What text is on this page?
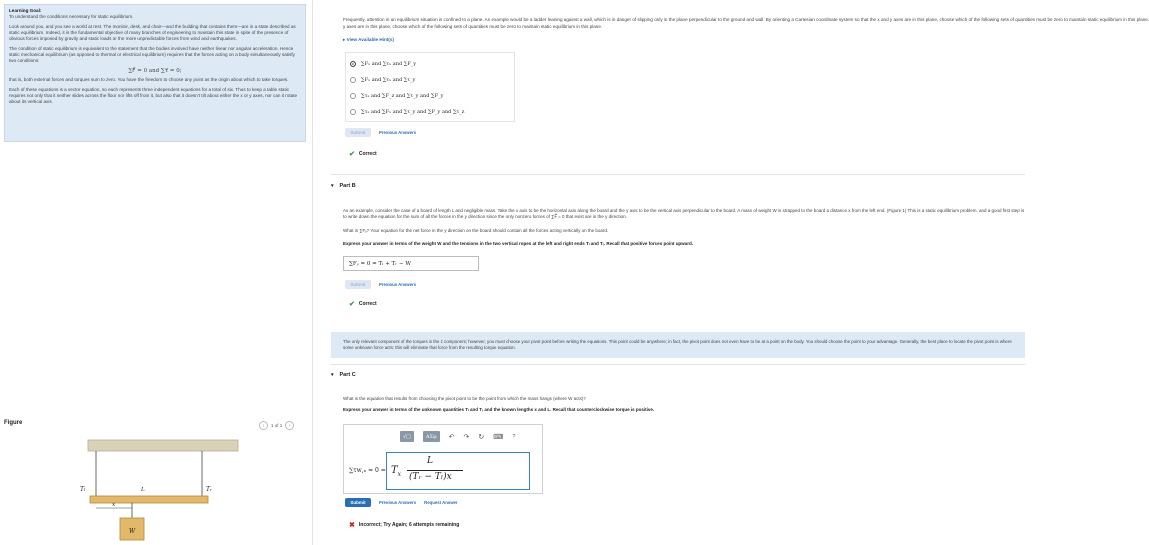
Learning Goal:
To understand the conditions necessary for static equilibrium.

Look around you, and you see a world at rest. The monitor, desk, and chair—and the building that contains them—are in a state described as static equilibrium. Indeed, it is the fundamental objective of many branches of engineering to maintain this state in spite of the presence of obvious forces imposed by gravity and static loads or the more unpredictable forces from wind and earthquakes.

The condition of static equilibrium is equivalent to the statement that the bodies involved have neither linear nor angular acceleration. Hence static mechanical equilibrium (as opposed to thermal or electrical equilibrium) requires that the forces acting on a body simultaneously satisfy two conditions:

∑F⃗ = 0 and ∑τ⃗ = 0;

that is, both external forces and torques sum to zero. You have the freedom to choose any point as the origin about which to take torques.

Each of these equations is a vector equation, so each represents three independent equations for a total of six. Thus to keep a table static requires not only that it neither slides across the floor nor lifts off from it, but also that it doesn't tilt about either the x or y axes, nor can it rotate about its vertical axis.

Figure	‹	1 of 1	›
Tₗ	Tᵣ
L
x
W
Frequently, attention in an equilibrium situation is confined to a plane. An example would be a ladder leaning against a wall, which is in danger of slipping only in the plane perpendicular to the ground and wall. By orienting a Cartesian coordinate system so that the x and y axes are in this plane, choose which of the following sets of quantities must be zero to maintain static equilibrium in this plane.
y axes are in this plane, choose which of the following sets of quantities must be zero to maintain static equilibrium in this plane.
▸ View Available Hint(s)
∑Fₓ and ∑τₓ and ∑F_y
∑Fₓ and ∑τₓ and ∑τ_y
∑τₓ and ∑F_z and ∑τ_y and ∑F_y
∑τₓ and ∑Fₓ and ∑τ_y and ∑F_y and ∑τ_z
Submit	Previous Answers
✔ Correct
▾ Part B
As an example, consider the case of a board of length L and negligible mass. Take the x axis to be the horizontal axis along the board and the y axis to be the vertical axis perpendicular to the board. A mass of weight W is strapped to the board a distance x from the left end. (Figure 1) This is a static equilibrium problem, and a good first step is to write down the equation for the sum of all the forces in the y direction since the only nonzero forces of ∑F⃗ = 0 that exist are in the y direction.
What is ∑Fᵧ? Your equation for the net force in the y direction on the board should contain all the forces acting vertically on the board.
Express your answer in terms of the weight W and the tensions in the two vertical ropes at the left and right ends Tₗ and Tᵣ. Recall that positive forces point upward.
∑Fᵧ = 0 = Tₗ + Tᵣ − W
Submit	Previous Answers
✔ Correct
The only relevant component of the torques is the z component; however, you must choose your pivot point before writing the equations. This point could be anywhere; in fact, the pivot point does not even have to be at a point on the body. You should choose the point to your advantage. Generally, the best place to locate the pivot point is where some unknown force acts: this will eliminate that force from the resulting torque equation.
▾ Part C
What is the equation that results from choosing the pivot point to be the point from which the mass hangs (where W acts)?
Express your answer in terms of the unknown quantities Tₗ and Tᵣ and the known lengths x and L. Recall that counterclockwise torque is positive.
√□	AΣφ	↶ ↷ ↻ ⌨ ?
∑τᴡ,ₓ = $0 = T_x$
L
(Tᵣ − Tₗ)x
Submit	Previous Answers Request Answer
✖ Incorrect; Try Again; 6 attempts remaining
